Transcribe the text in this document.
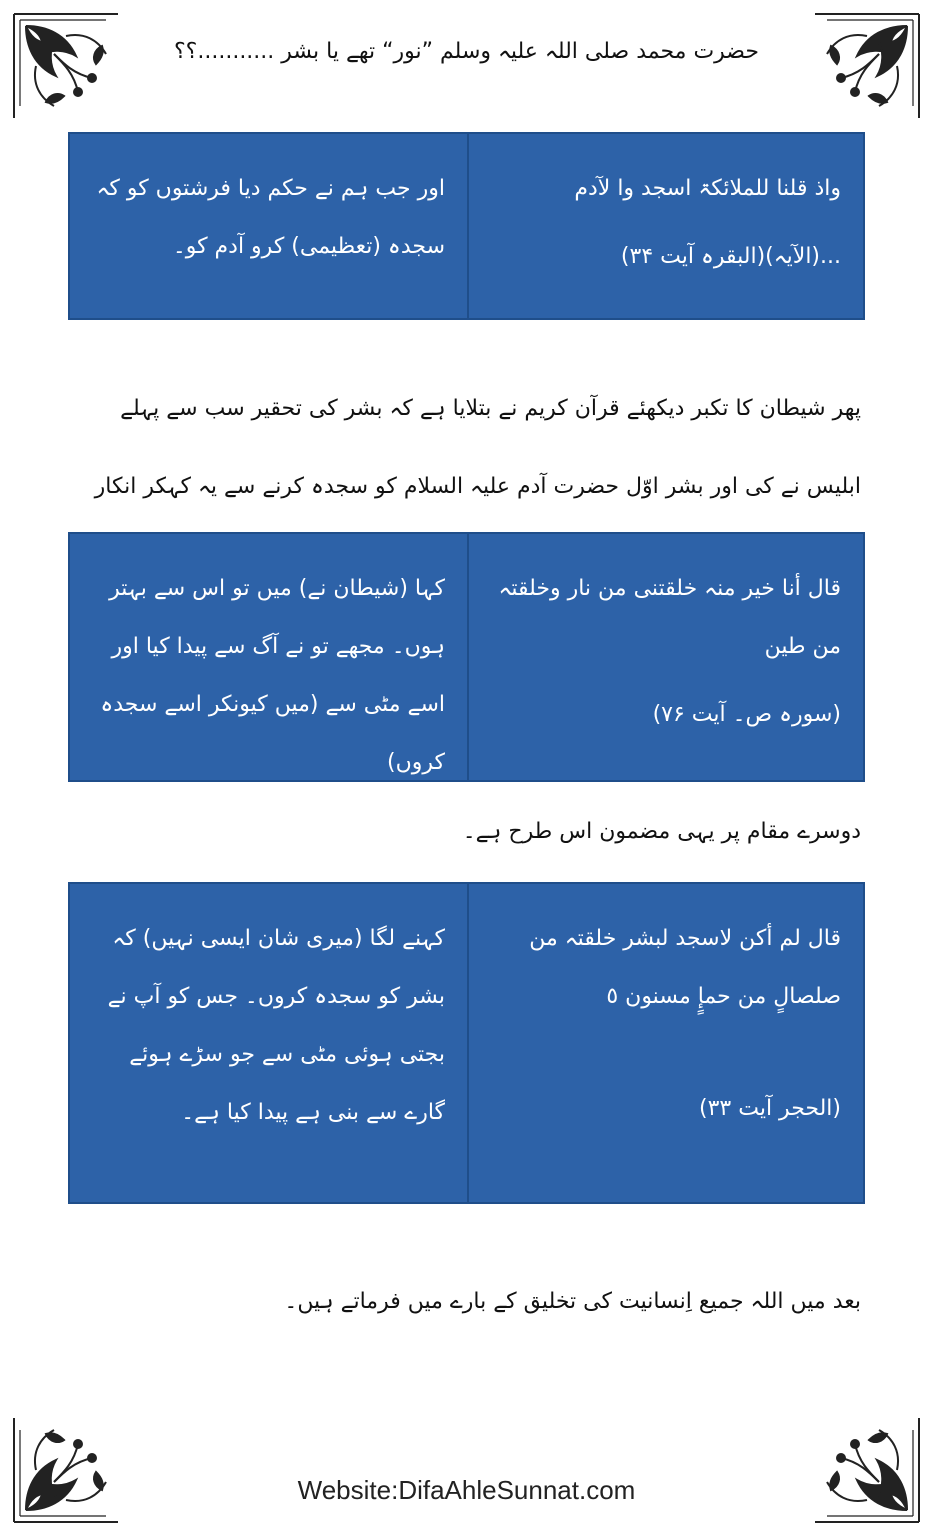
حضرت محمد صلی اللہ علیہ وسلم ”نور“ تھے یا بشر ...........؟؟

اور جب ہم نے حکم دیا فرشتوں کو کہ سجدہ (تعظیمی) کرو آدم کو۔

واذ قلنا للملائکۃ اسجد وا لآدم

...(الآیہ)(البقرہ آیت ۳۴)

پھر شیطان کا تکبر دیکھئے قرآن کریم نے بتلایا ہے کہ بشر کی تحقیر سب سے پہلے ابلیس نے کی اور بشر اوّل حضرت آدم علیہ السلام کو سجدہ کرنے سے یہ کہکر انکار

کہا (شیطان نے) میں تو اس سے بہتر ہوں۔ مجھے تو نے آگ سے پیدا کیا اور اسے مٹی سے (میں کیونکر اسے سجدہ کروں)

قال أنا خیر منہ خلقتنی من نار وخلقتہ من طین

(سورہ ص۔ آیت ۷۶)

دوسرے مقام پر یہی مضمون اس طرح ہے۔

کہنے لگا (میری شان ایسی نہیں) کہ بشر کو سجدہ کروں۔ جس کو آپ نے بجتی ہوئی مٹی سے جو سڑے ہوئے گارے سے بنی ہے پیدا کیا ہے۔

قال لم أکن لاسجد لبشر خلقتہ من صلصالٍ من حمإٍ مسنون ٥

(الحجر آیت ۳۳)

بعد میں اللہ جمیع اِنسانیت کی تخلیق کے بارے میں فرماتے ہیں۔

Website:DifaAhleSunnat.com
